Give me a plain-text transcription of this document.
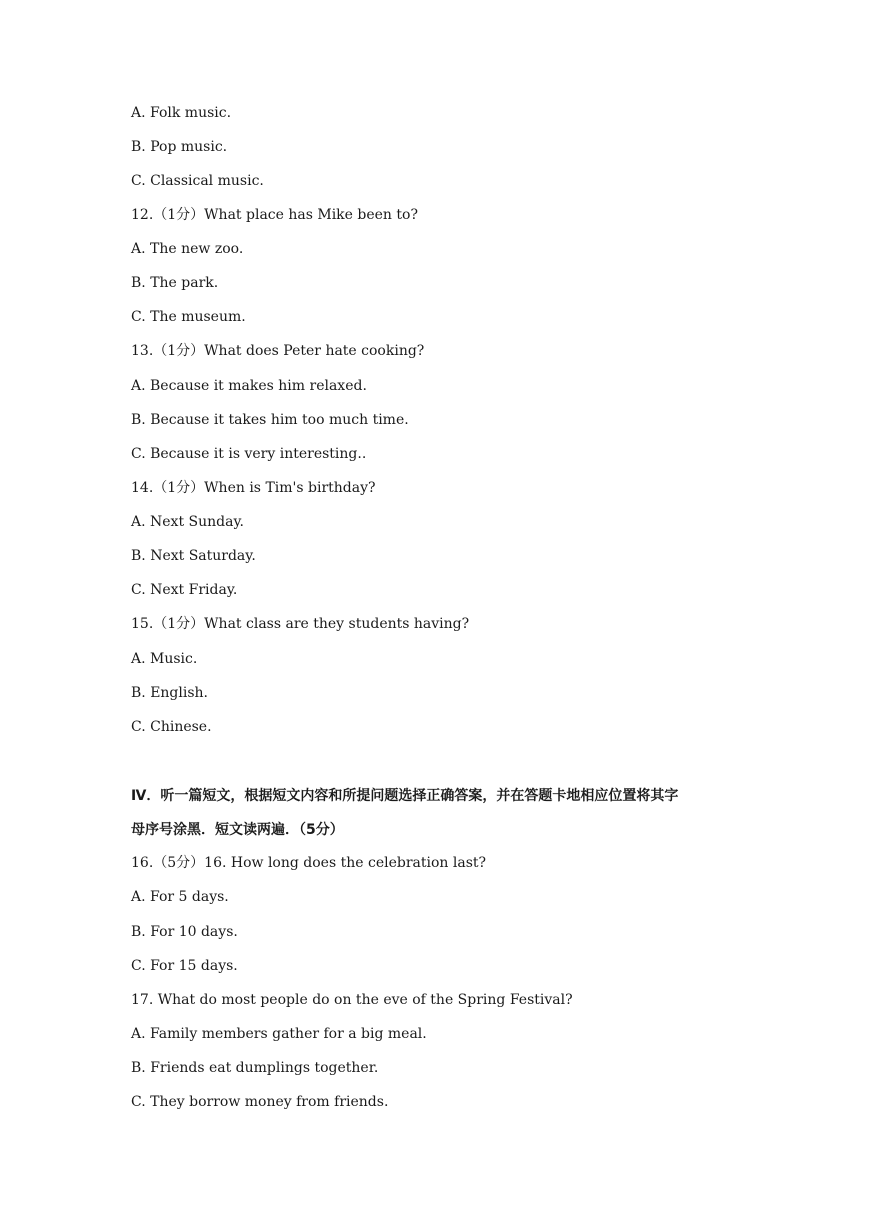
A. Folk music.
B. Pop music.
C. Classical music.
12.（1分）What place has Mike been to?
A. The new zoo.
B. The park.
C. The museum.
13.（1分）What does Peter hate cooking?
A. Because it makes him relaxed.
B. Because it takes him too much time.
C. Because it is very interesting..
14.（1分）When is Tim's birthday?
A. Next Sunday.
B. Next Saturday.
C. Next Friday.
15.（1分）What class are they students having?
A. Music.
B. English.
C. Chinese.
Ⅳ．听一篇短文，根据短文内容和所提问题选择正确答案，并在答题卡地相应位置将其字
母序号涂黑．短文读两遍．（5分）
16.（5分）16. How long does the celebration last?
A. For 5 days.
B. For 10 days.
C. For 15 days.
17. What do most people do on the eve of the Spring Festival?
A. Family members gather for a big meal.
B. Friends eat dumplings together.
C. They borrow money from friends.
